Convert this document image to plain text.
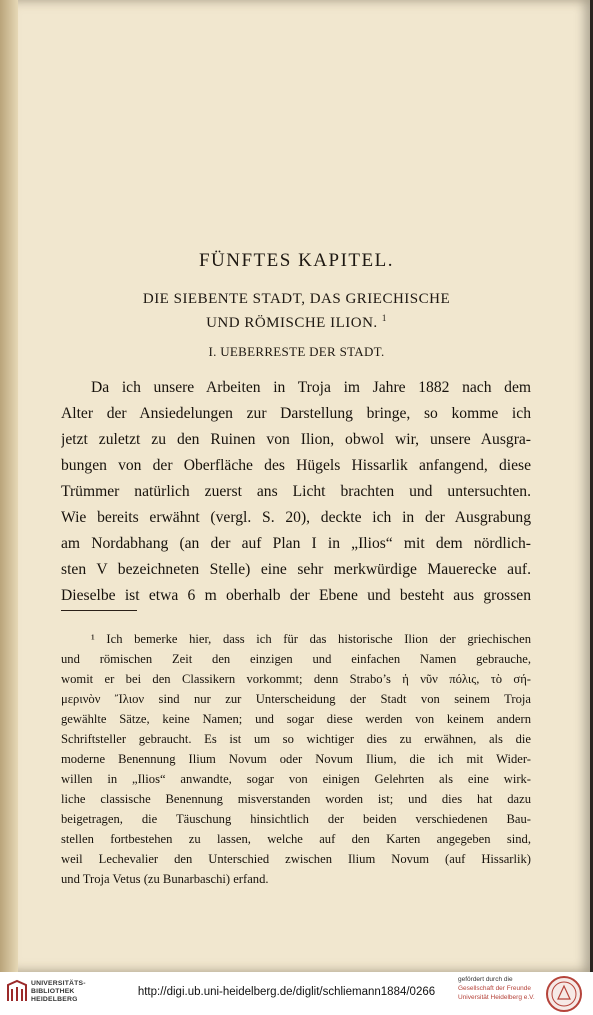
FÜNFTES KAPITEL.
DIE SIEBENTE STADT, DAS GRIECHISCHE
UND RÖMISCHE ILION. $^1$
I. UEBERRESTE DER STADT.
Da ich unsere Arbeiten in Troja im Jahre 1882 nach dem
Alter der Ansiedelungen zur Darstellung bringe, so komme ich
jetzt zuletzt zu den Ruinen von Ilion, obwol wir, unsere Ausgra-
bungen von der Oberfläche des Hügels Hissarlik anfangend, diese
Trümmer natürlich zuerst ans Licht brachten und untersuchten.
Wie bereits erwähnt (vergl. S. 20), deckte ich in der Ausgrabung
am Nordabhang (an der auf Plan I in „Ilios“ mit dem nördlich-
sten V bezeichneten Stelle) eine sehr merkwürdige Mauerecke auf.
Dieselbe ist etwa 6 m oberhalb der Ebene und besteht aus grossen
¹ Ich bemerke hier, dass ich für das historische Ilion der griechischen
und römischen Zeit den einzigen und einfachen Namen gebrauche,
womit er bei den Classikern vorkommt; denn Strabo’s ἡ νῦν πόλις, τὸ σή-
μερινὸν Ἴλιον sind nur zur Unterscheidung der Stadt von seinem Troja
gewählte Sätze, keine Namen; und sogar diese werden von keinem andern
Schriftsteller gebraucht. Es ist um so wichtiger dies zu erwähnen, als die
moderne Benennung Ilium Novum oder Novum Ilium, die ich mit Wider-
willen in „Ilios“ anwandte, sogar von einigen Gelehrten als eine wirk-
liche classische Benennung misverstanden worden ist; und dies hat dazu
beigetragen, die Täuschung hinsichtlich der beiden verschiedenen Bau-
stellen fortbestehen zu lassen, welche auf den Karten angegeben sind,
weil Lechevalier den Unterschied zwischen Ilium Novum (auf Hissarlik)
und Troja Vetus (zu Bunarbaschi) erfand.
UNIVERSITÄTS-
BIBLIOTHEK
HEIDELBERG
http://digi.ub.uni-heidelberg.de/diglit/schliemann1884/0266
gefördert durch die
Gesellschaft der Freunde
Universität Heidelberg e.V.
